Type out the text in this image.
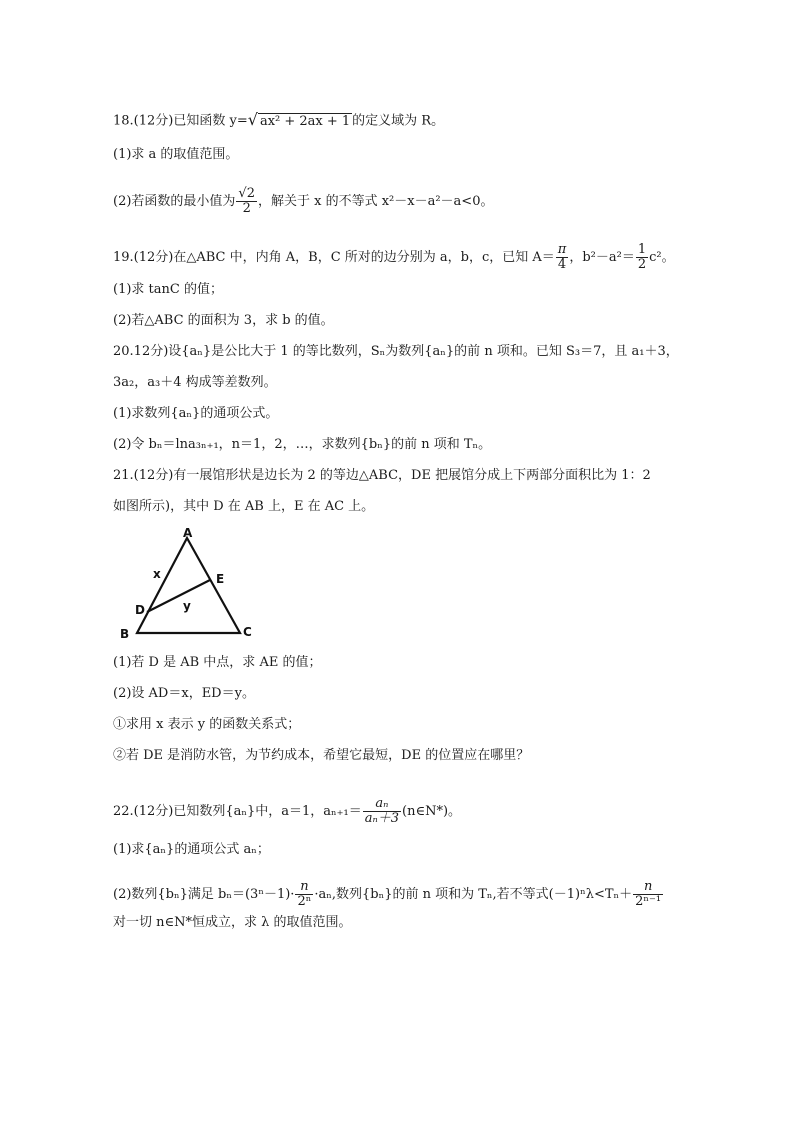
18.(12分)已知函数 y=√ ax² + 2ax + 1 的定义域为 R。
(1)求 a 的取值范围。
(2)若函数的最小值为 $\frac{√2}{2}$ ，解关于 x 的不等式 x²－x－a²－a<0。
19.(12分)在△ABC 中，内角 A，B，C 所对的边分别为 a，b，c，已知 $A= \frac{\pi}{4}$ ，$b^2-a^2= \frac{1}{2} c^2$。
(1)求 tanC 的值；
(2)若△ABC 的面积为 3，求 b 的值。
20.12分)设{aₙ}是公比大于 1 的等比数列，Sₙ为数列{aₙ}的前 n 项和。已知 S₃＝7，且 a₁＋3，
3a₂，a₃＋4 构成等差数列。
(1)求数列{aₙ}的通项公式。
(2)令 bₙ＝lna₃ₙ₊₁，n＝1，2，…，求数列{bₙ}的前 n 项和 Tₙ。
21.(12分)有一展馆形状是边长为 2 的等边△ABC，DE 把展馆分成上下两部分面积比为 1：2
如图所示)，其中 D 在 AB 上，E 在 AC 上。
A
B	C
D
E
x
y
(1)若 D 是 AB 中点，求 AE 的值；
(2)设 AD＝x，ED＝y。
①求用 x 表示 y 的函数关系式；
②若 DE 是消防水管，为节约成本，希望它最短，DE 的位置应在哪里？
22.(12分)已知数列{aₙ}中，a＝1，$a_{n+1}= \frac{\text{aₙ}}{\text{aₙ＋3}}$ (n∈N*)。
(1)求{aₙ}的通项公式 aₙ；
(2)数列{bₙ}满足 $b_n=(3^n-1)\cdot \frac{n}{\text{2ⁿ}} \cdot a_n$,数列{bₙ}的前 n 项和为 Tₙ,若不等式$(-1)^n\lambda<T_n+ \frac{n}{\text{2ⁿ⁻¹}}$
对一切 n∈N*恒成立，求 λ 的取值范围。
